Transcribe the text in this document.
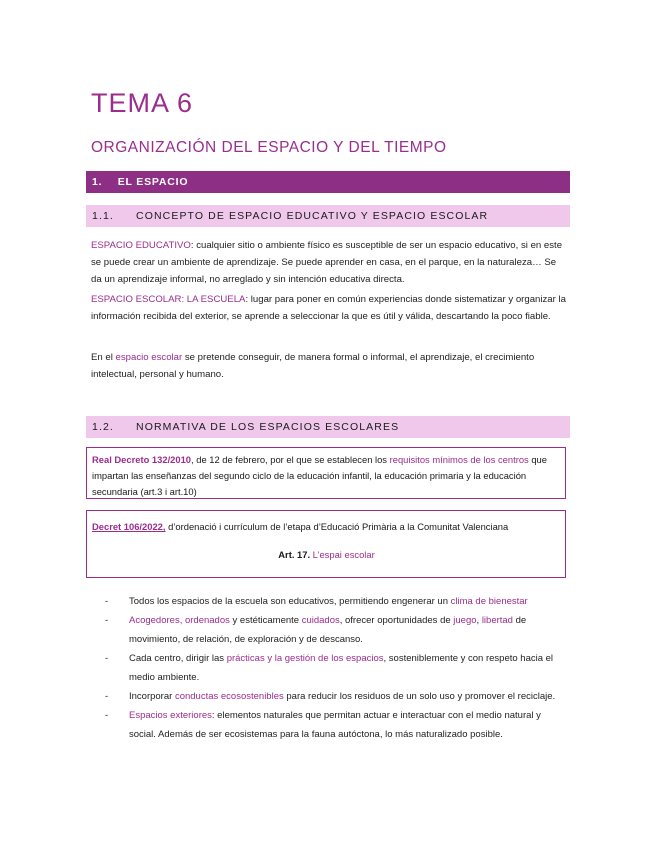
TEMA 6
ORGANIZACIÓN DEL ESPACIO Y DEL TIEMPO
1. EL ESPACIO
1.1. CONCEPTO DE ESPACIO EDUCATIVO Y ESPACIO ESCOLAR
ESPACIO EDUCATIVO: cualquier sitio o ambiente físico es susceptible de ser un espacio educativo, si en este se puede crear un ambiente de aprendizaje. Se puede aprender en casa, en el parque, en la naturaleza… Se da un aprendizaje informal, no arreglado y sin intención educativa directa.
ESPACIO ESCOLAR: LA ESCUELA: lugar para poner en común experiencias donde sistematizar y organizar la información recibida del exterior, se aprende a seleccionar la que es útil y válida, descartando la poco fiable.
En el espacio escolar se pretende conseguir, de manera formal o informal, el aprendizaje, el crecimiento intelectual, personal y humano.
1.2. NORMATIVA DE LOS ESPACIOS ESCOLARES
Real Decreto 132/2010, de 12 de febrero, por el que se establecen los requisitos mínimos de los centros que impartan las enseñanzas del segundo ciclo de la educación infantil, la educación primaria y la educación secundaria (art.3 i art.10)
Decret 106/2022, d’ordenació i currículum de l’etapa d’Educació Primària a la Comunitat Valenciana
Art. 17. L’espai escolar
- Todos los espacios de la escuela son educativos, permitiendo engenerar un clima de bienestar
- Acogedores, ordenados y estéticamente cuidados, ofrecer oportunidades de juego, libertad de movimiento, de relación, de exploración y de descanso.
- Cada centro, dirigir las prácticas y la gestión de los espacios, sosteniblemente y con respeto hacia el medio ambiente.
- Incorporar conductas ecosostenibles para reducir los residuos de un solo uso y promover el reciclaje.
- Espacios exteriores: elementos naturales que permitan actuar e interactuar con el medio natural y social. Además de ser ecosistemas para la fauna autóctona, lo más naturalizado posible.
